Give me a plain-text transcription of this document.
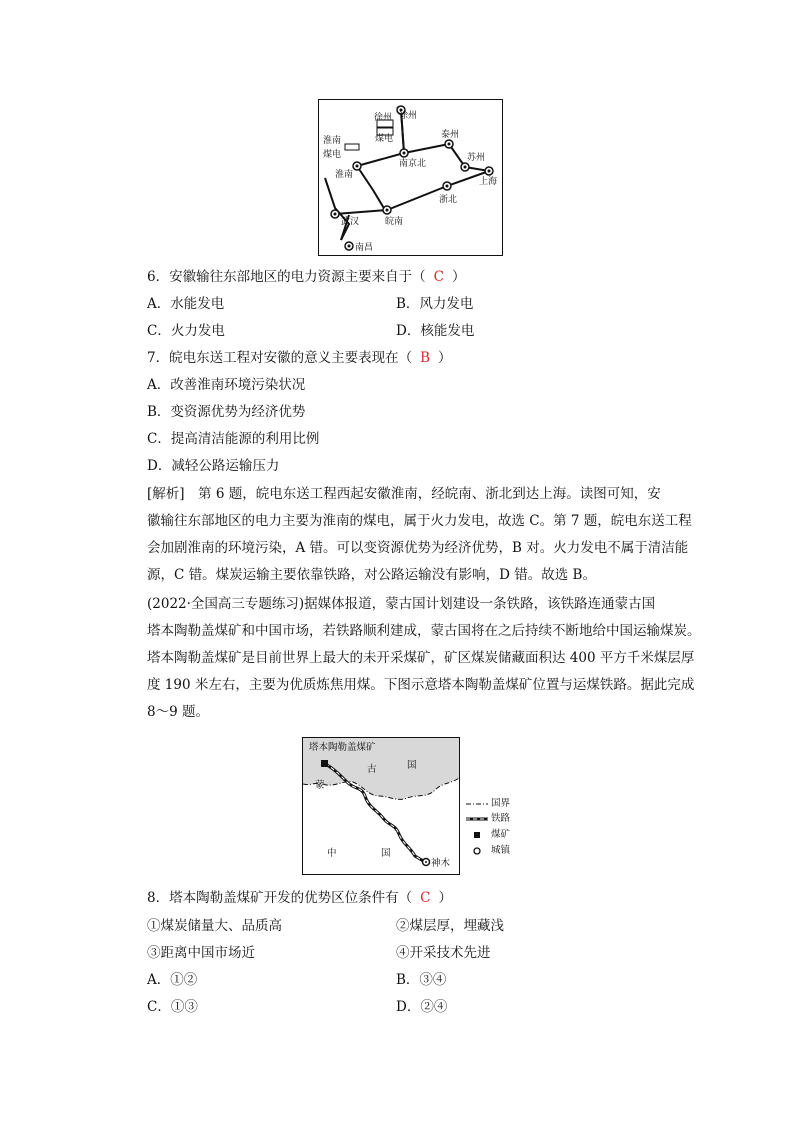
徐州
徐州
煤电
淮南
煤电
淮南
泰州
苏州
南京北
上海
浙北
皖南
武汉
南昌
6．安徽输往东部地区的电力资源主要来自于（ C ）
A．水能发电	B．风力发电
C．火力发电	D．核能发电
7．皖电东送工程对安徽的意义主要表现在（ B ）
A．改善淮南环境污染状况
B．变资源优势为经济优势
C．提高清洁能源的利用比例
D．减轻公路运输压力
[解析]　第 6 题，皖电东送工程西起安徽淮南，经皖南、浙北到达上海。读图可知，安
徽输往东部地区的电力主要为淮南的煤电，属于火力发电，故选 C。第 7 题，皖电东送工程
会加剧淮南的环境污染，A 错。可以变资源优势为经济优势，B 对。火力发电不属于清洁能
源，C 错。煤炭运输主要依靠铁路，对公路运输没有影响，D 错。故选 B。
(2022·全国高三专题练习)据媒体报道，蒙古国计划建设一条铁路，该铁路连通蒙古国
塔本陶勒盖煤矿和中国市场，若铁路顺利建成，蒙古国将在之后持续不断地给中国运输煤炭。
塔本陶勒盖煤矿是目前世界上最大的未开采煤矿，矿区煤炭储藏面积达 400 平方千米煤层厚
度 190 米左右，主要为优质炼焦用煤。下图示意塔本陶勒盖煤矿位置与运煤铁路。据此完成
8～9 题。
塔本陶勒盖煤矿
蒙
古	国
中	国
神木
国界
铁路
煤矿
城镇
8．塔本陶勒盖煤矿开发的优势区位条件有（ C ）
①煤炭储量大、品质高	②煤层厚，埋藏浅
③距离中国市场近	④开采技术先进
A．①②	B．③④
C．①③	D．②④
